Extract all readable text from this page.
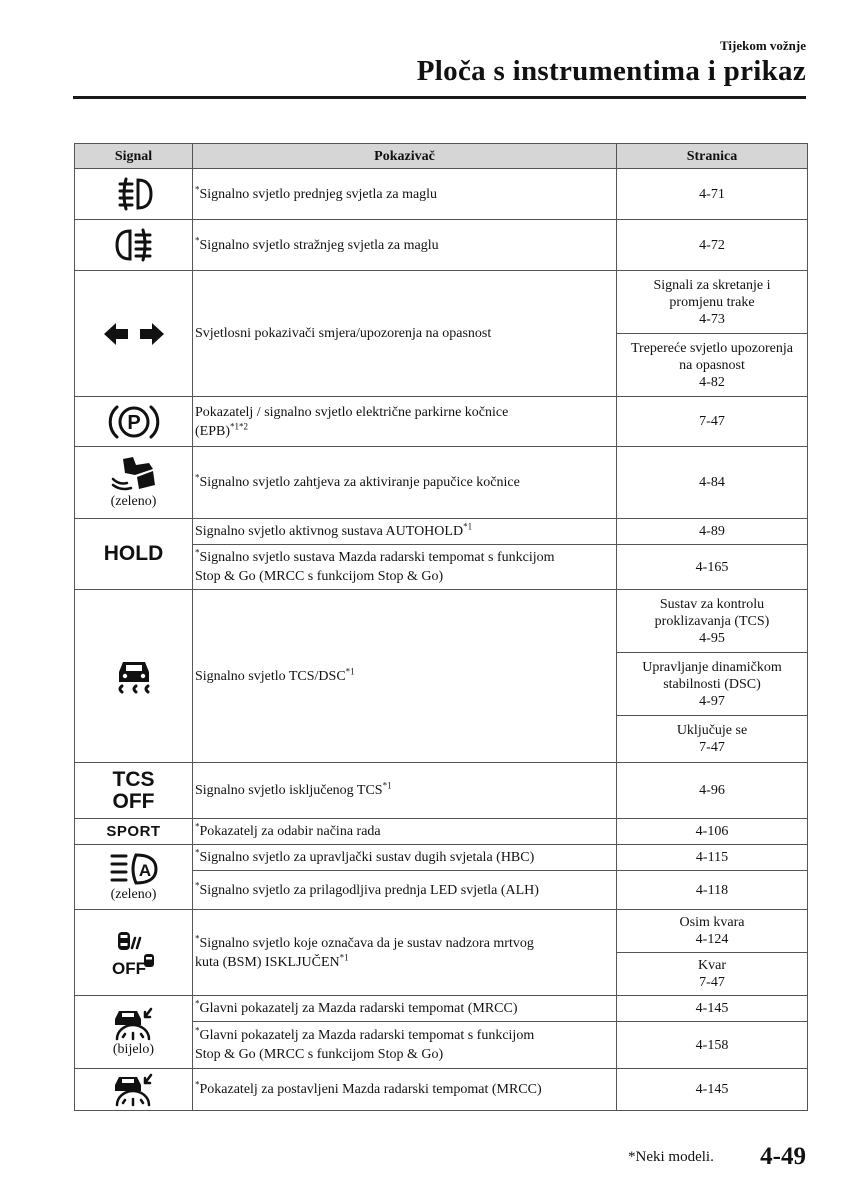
Tijekom vožnje
Ploča s instrumentima i prikaz
Signal	Pokazivač	Stranica
	*Signalno svjetlo prednjeg svjetla za maglu	4-71
	*Signalno svjetlo stražnjeg svjetla za maglu	4-72
	Svjetlosni pokazivači smjera/upozorenja na opasnost	Signali za skretanje i
promjenu trake
4-73

		Trepereće svjetlo upozorenja
na opasnost
4-82

P	Pokazatelj / signalno svjetlo električne parkirne kočnice
(EPB)$^{*1*2}$	7-47

(zeleno)	*Signalno svjetlo zahtjeva za aktiviranje papučice kočnice	4-84

HOLD	Signalno svjetlo aktivnog sustava AUTOHOLD$^{*1}$	4-89
	*Signalno svjetlo sustava Mazda radarski tempomat s funkcijom
Stop & Go (MRCC s funkcijom Stop & Go)	4-165
	Signalno svjetlo TCS/DSC$^{*1}$	Sustav za kontrolu
proklizavanja (TCS)
4-95

		Upravljanje dinamičkom
stabilnosti (DSC)
4-97

		Uključuje se
7-47

TCS
OFF	Signalno svjetlo isključenog TCS$^{*1}$	4-96
SPORT	*Pokazatelj za odabir načina rada	4-106

A
(zeleno)	*Signalno svjetlo za upravljački sustav dugih svjetala (HBC)	4-115
	*Signalno svjetlo za prilagodljiva prednja LED svjetla (ALH)	4-118

OFF	*Signalno svjetlo koje označava da je sustav nadzora mrtvog
kuta (BSM) ISKLJUČEN$^{*1}$	Osim kvara
4-124

		Kvar
7-47

(bijelo)	*Glavni pokazatelj za Mazda radarski tempomat (MRCC)	4-145
	*Glavni pokazatelj za Mazda radarski tempomat s funkcijom
Stop & Go (MRCC s funkcijom Stop & Go)	4-158
	*Pokazatelj za postavljeni Mazda radarski tempomat (MRCC)	4-145
*Neki modeli. 4-49
